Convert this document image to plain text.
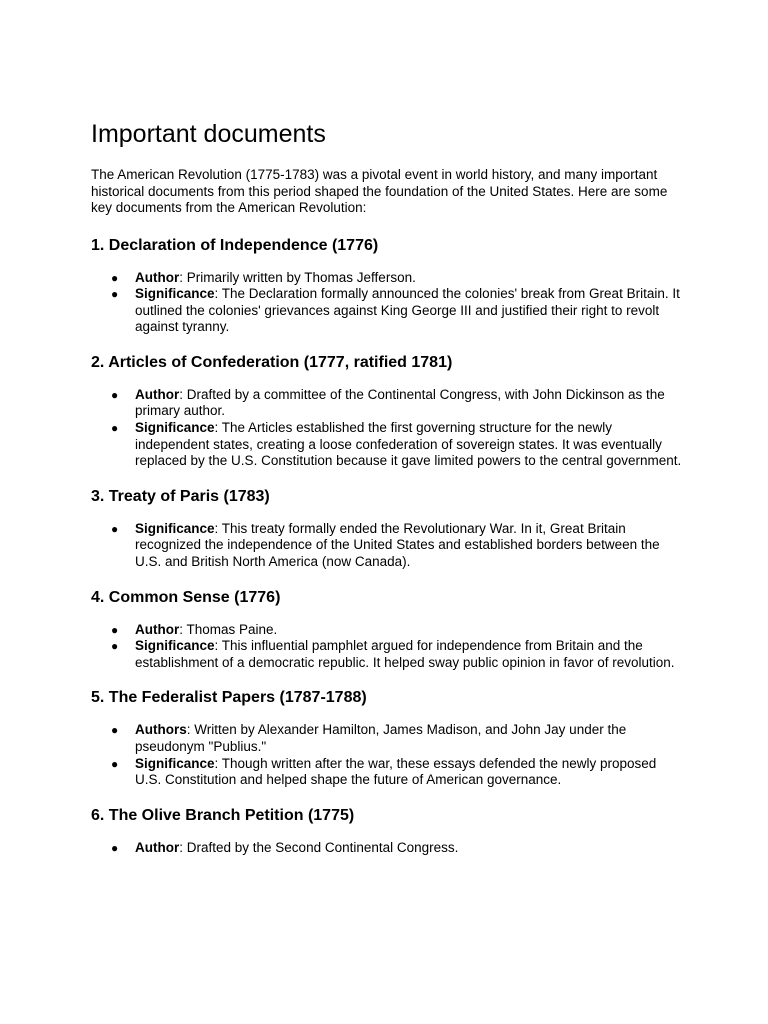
Important documents

The American Revolution (1775-1783) was a pivotal event in world history, and many important historical documents from this period shaped the foundation of the United States. Here are some key documents from the American Revolution:

1. Declaration of Independence (1776)
● Author: Primarily written by Thomas Jefferson.
● Significance: The Declaration formally announced the colonies' break from Great Britain. It outlined the colonies' grievances against King George III and justified their right to revolt against tyranny.
2. Articles of Confederation (1777, ratified 1781)
● Author: Drafted by a committee of the Continental Congress, with John Dickinson as the primary author.
● Significance: The Articles established the first governing structure for the newly independent states, creating a loose confederation of sovereign states. It was eventually replaced by the U.S. Constitution because it gave limited powers to the central government.
3. Treaty of Paris (1783)
● Significance: This treaty formally ended the Revolutionary War. In it, Great Britain recognized the independence of the United States and established borders between the U.S. and British North America (now Canada).
4. Common Sense (1776)
● Author: Thomas Paine.
● Significance: This influential pamphlet argued for independence from Britain and the establishment of a democratic republic. It helped sway public opinion in favor of revolution.
5. The Federalist Papers (1787-1788)
● Authors: Written by Alexander Hamilton, James Madison, and John Jay under the pseudonym "Publius."
● Significance: Though written after the war, these essays defended the newly proposed U.S. Constitution and helped shape the future of American governance.
6. The Olive Branch Petition (1775)
● Author: Drafted by the Second Continental Congress.
